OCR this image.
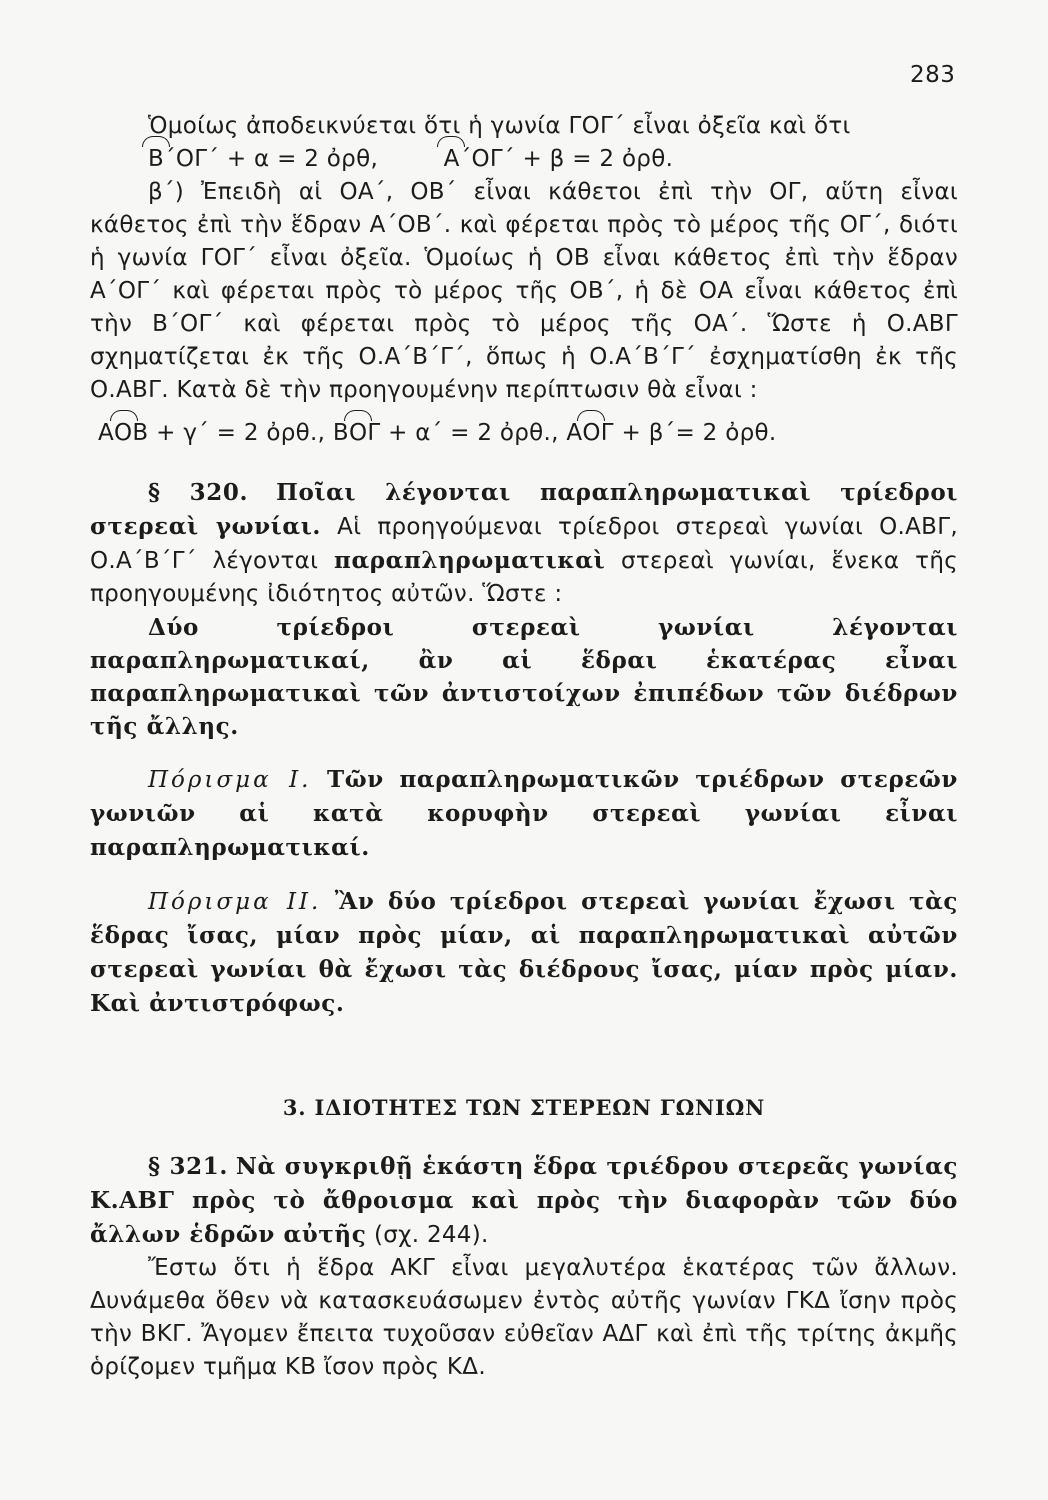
283

Ὁμοίως ἀποδεικνύεται ὅτι ἡ γωνία ΓΟΓ΄ εἶναι ὀξεῖα καὶ ὅτι
Β΄ΟΓ΄ + α = 2 ὀρθ,	Α΄ΟΓ΄ + β = 2 ὀρθ.

β΄) Ἐπειδὴ αἱ ΟΑ΄, ΟΒ΄ εἶναι κάθετοι ἐπὶ τὴν ΟΓ, αὕτη εἶναι κάθετος ἐπὶ τὴν ἕδραν Α΄ΟΒ΄. καὶ φέρεται πρὸς τὸ μέρος τῆς ΟΓ΄, διότι ἡ γωνία ΓΟΓ΄ εἶναι ὀξεῖα. Ὁμοίως ἡ ΟΒ εἶναι κάθετος ἐπὶ τὴν ἕδραν Α΄ΟΓ΄ καὶ φέρεται πρὸς τὸ μέρος τῆς ΟΒ΄, ἡ δὲ ΟΑ εἶναι κάθετος ἐπὶ τὴν Β΄ΟΓ΄ καὶ φέρεται πρὸς τὸ μέρος τῆς ΟΑ΄. Ὥστε ἡ Ο.ΑΒΓ σχηματίζεται ἐκ τῆς Ο.Α΄Β΄Γ΄, ὅπως ἡ Ο.Α΄Β΄Γ΄ ἐσχηματίσθη ἐκ τῆς Ο.ΑΒΓ. Κατὰ δὲ τὴν προηγουμένην περίπτωσιν θὰ εἶναι :

ΑΟΒ + γ΄ = 2 ὀρθ., ΒΟΓ + α΄ = 2 ὀρθ., ΑΟΓ + β΄= 2 ὀρθ.

§ 320. Ποῖαι λέγονται παραπληρωματικαὶ τρίεδροι στερεαὶ γωνίαι. Αἱ προηγούμεναι τρίεδροι στερεαὶ γωνίαι Ο.ΑΒΓ, Ο.Α΄Β΄Γ΄ λέγονται παραπληρωματικαὶ στερεαὶ γωνίαι, ἕνεκα τῆς προηγουμένης ἰδιότητος αὐτῶν. Ὥστε :

Δύο τρίεδροι στερεαὶ γωνίαι λέγονται παραπληρωματικαί, ἂν αἱ ἕδραι ἑκατέρας εἶναι παραπληρωματικαὶ τῶν ἀντιστοίχων ἐπιπέδων τῶν διέδρων τῆς ἄλλης.

Πόρισμα Ι. Τῶν παραπληρωματικῶν τριέδρων στερεῶν γωνιῶν αἱ κατὰ κορυφὴν στερεαὶ γωνίαι εἶναι παραπληρωματικαί.

Πόρισμα ΙΙ. Ἂν δύο τρίεδροι στερεαὶ γωνίαι ἔχωσι τὰς ἕδρας ἴσας, μίαν πρὸς μίαν, αἱ παραπληρωματικαὶ αὐτῶν στερεαὶ γωνίαι θὰ ἔχωσι τὰς διέδρους ἴσας, μίαν πρὸς μίαν. Καὶ ἀντιστρόφως.

3. ΙΔΙΟΤΗΤΕΣ ΤΩΝ ΣΤΕΡΕΩΝ ΓΩΝΙΩΝ

§ 321. Νὰ συγκριθῇ ἑκάστη ἕδρα τριέδρου στερεᾶς γωνίας Κ.ΑΒΓ πρὸς τὸ ἄθροισμα καὶ πρὸς τὴν διαφορὰν τῶν δύο ἄλλων ἑδρῶν αὐτῆς (σχ. 244).

Ἔστω ὅτι ἡ ἕδρα ΑΚΓ εἶναι μεγαλυτέρα ἑκατέρας τῶν ἄλλων. Δυνάμεθα ὅθεν νὰ κατασκευάσωμεν ἐντὸς αὐτῆς γωνίαν ΓΚΔ ἴσην πρὸς τὴν ΒΚΓ. Ἄγομεν ἔπειτα τυχοῦσαν εὐθεῖαν ΑΔΓ καὶ ἐπὶ τῆς τρίτης ἀκμῆς ὁρίζομεν τμῆμα ΚΒ ἴσον πρὸς ΚΔ.
